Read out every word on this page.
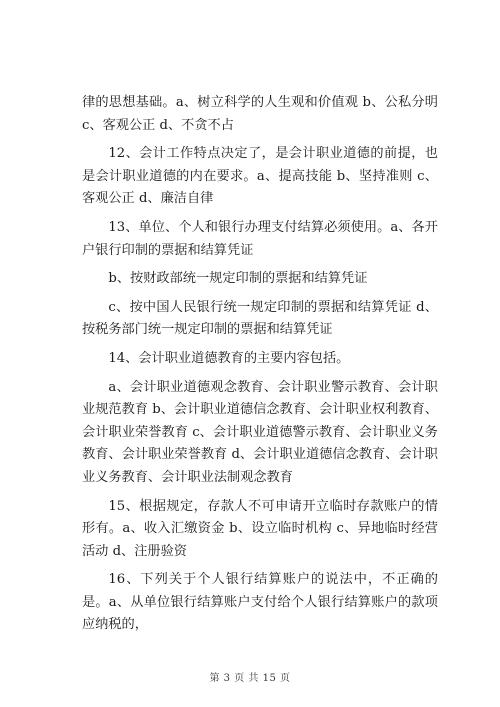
律的思想基础。a、树立科学的人生观和价值观 b、公私分明 c、客观公正 d、不贪不占

12、会计工作特点决定了，是会计职业道德的前提，也是会计职业道德的内在要求。a、提高技能 b、坚持准则 c、客观公正 d、廉洁自律

13、单位、个人和银行办理支付结算必须使用。a、各开户银行印制的票据和结算凭证

b、按财政部统一规定印制的票据和结算凭证

c、按中国人民银行统一规定印制的票据和结算凭证 d、按税务部门统一规定印制的票据和结算凭证

14、会计职业道德教育的主要内容包括。

a、会计职业道德观念教育、会计职业警示教育、会计职业规范教育 b、会计职业道德信念教育、会计职业权利教育、会计职业荣誉教育 c、会计职业道德警示教育、会计职业义务教育、会计职业荣誉教育 d、会计职业道德信念教育、会计职业义务教育、会计职业法制观念教育

15、根据规定，存款人不可申请开立临时存款账户的情形有。a、收入汇缴资金 b、设立临时机构 c、异地临时经营活动 d、注册验资

16、下列关于个人银行结算账户的说法中，不正确的是。a、从单位银行结算账户支付给个人银行结算账户的款项应纳税的，

第 3 页 共 15 页
